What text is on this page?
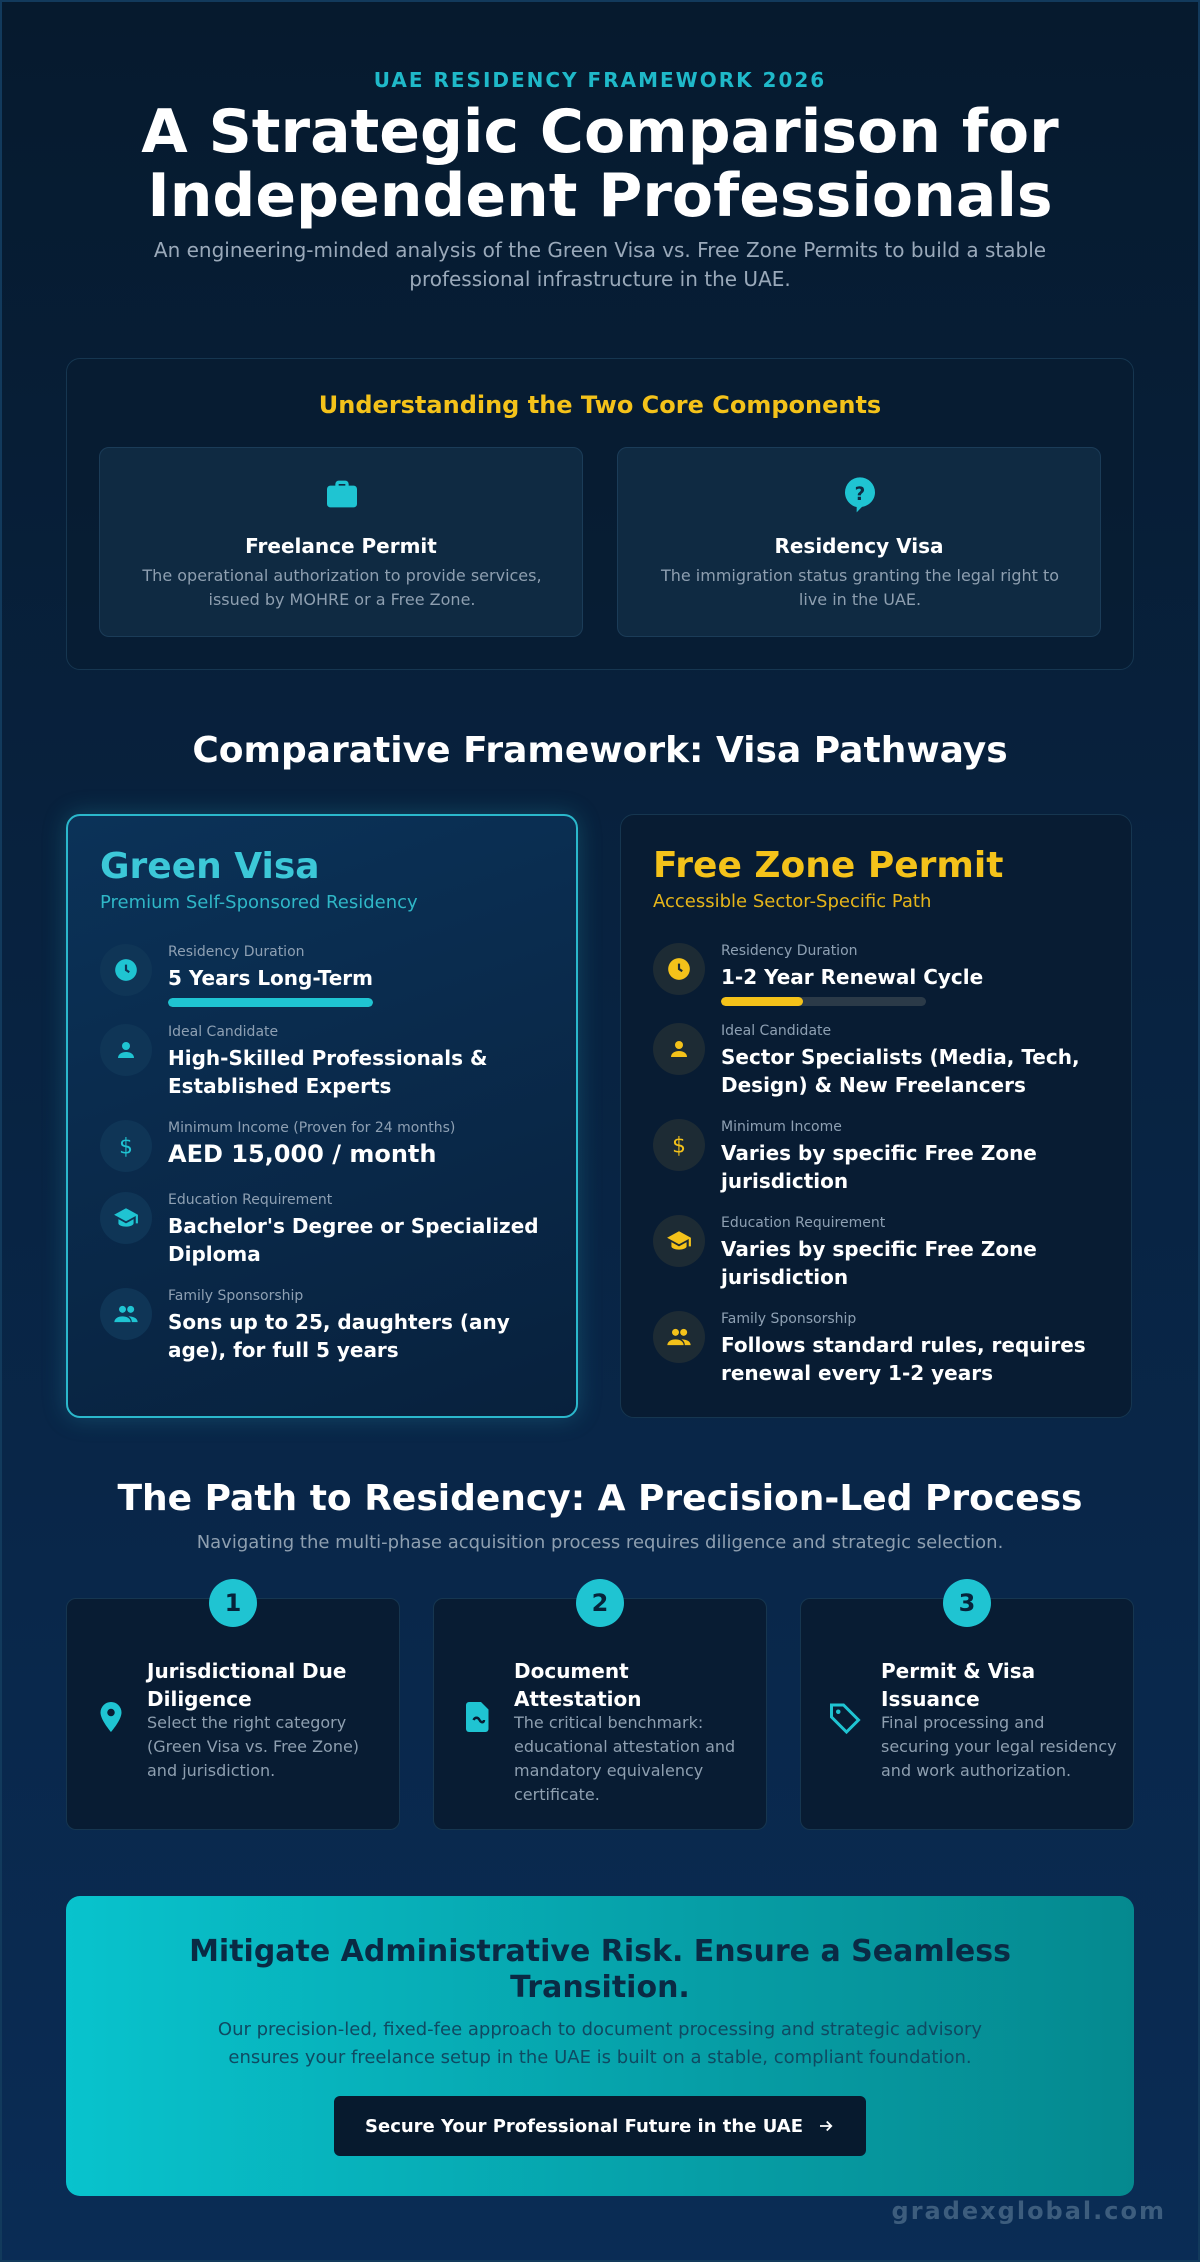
UAE RESIDENCY FRAMEWORK 2026
A Strategic Comparison for Independent Professionals

An engineering-minded analysis of the Green Visa vs. Free Zone Permits to build a stable professional infrastructure in the UAE.

Understanding the Two Core Components
Freelance Permit
The operational authorization to provide services, issued by MOHRE or a Free Zone.
?
Residency Visa
The immigration status granting the legal right to live in the UAE.
Comparative Framework: Visa Pathways
Green Visa
Premium Self-Sponsored Residency
Residency Duration
5 Years Long-Term
Ideal Candidate
High-Skilled Professionals & Established Experts
$
Minimum Income (Proven for 24 months)
AED 15,000 / month
Education Requirement
Bachelor's Degree or Specialized Diploma
Family Sponsorship
Sons up to 25, daughters (any age), for full 5 years
Free Zone Permit
Accessible Sector-Specific Path
Residency Duration
1-2 Year Renewal Cycle
Ideal Candidate
Sector Specialists (Media, Tech, Design) & New Freelancers
$
Minimum Income
Varies by specific Free Zone jurisdiction
Education Requirement
Varies by specific Free Zone jurisdiction
Family Sponsorship
Follows standard rules, requires renewal every 1-2 years
The Path to Residency: A Precision-Led Process

Navigating the multi-phase acquisition process requires diligence and strategic selection.

1
Jurisdictional Due Diligence
Select the right category (Green Visa vs. Free Zone) and jurisdiction.
2
Document Attestation
The critical benchmark: educational attestation and mandatory equivalency certificate.
3
Permit & Visa Issuance
Final processing and securing your legal residency and work authorization.
Mitigate Administrative Risk. Ensure a Seamless Transition.

Our precision-led, fixed-fee approach to document processing and strategic advisory ensures your freelance setup in the UAE is built on a stable, compliant foundation.

Secure Your Professional Future in the UAE
gradexglobal.com
